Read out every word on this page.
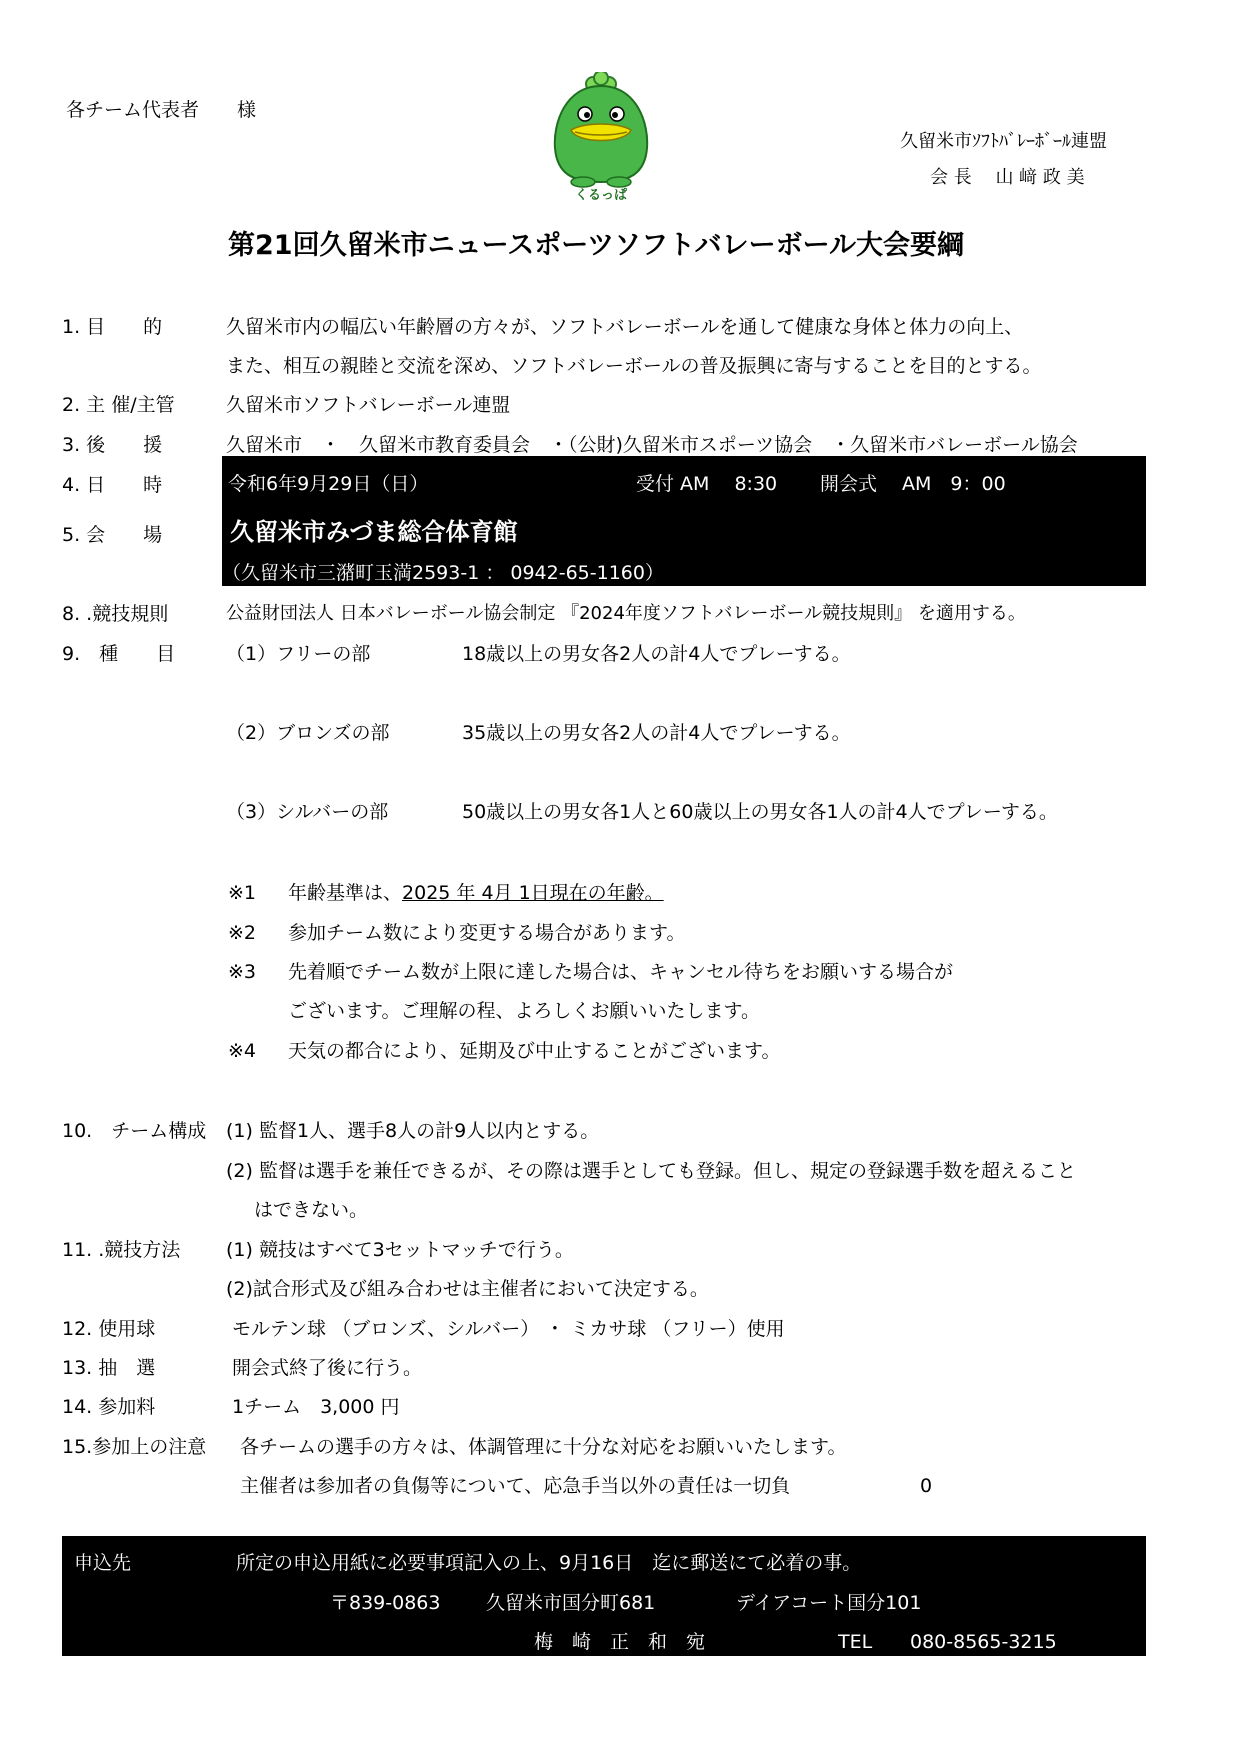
各チーム代表者　　様
くるっぱ
久留米市ｿﾌﾄﾊﾞﾚｰﾎﾞｰﾙ連盟
会 長　 山 﨑 政 美
第21回久留米市ニュースポーツソフトバレーボール大会要綱
1. 目　　的	久留米市内の幅広い年齢層の方々が、ソフトバレーボールを通して健康な身体と体力の向上、
また、相互の親睦と交流を深め、ソフトバレーボールの普及振興に寄与することを目的とする。
2. 主 催/主管	久留米市ソフトバレーボール連盟
3. 後　　援	久留米市　・　久留米市教育委員会　・（公財)久留米市スポーツ協会　・久留米市バレーボール協会
4. 日　　時	令和6年9月29日（日）	受付 AM　 8:30 開会式　 AM　9：00
5. 会　　場	久留米市みづま総合体育館
（久留米市三潴町玉満2593-1 ： 0942-65-1160）
8. .競技規則	公益財団法人 日本バレーボール協会制定 『2024年度ソフトバレーボール競技規則』 を適用する。
9.　種　　目	（1）フリーの部	18歳以上の男女各2人の計4人でプレーする。
（2）ブロンズの部	35歳以上の男女各2人の計4人でプレーする。
（3）シルバーの部	50歳以上の男女各1人と60歳以上の男女各1人の計4人でプレーする。
※1 年齢基準は、2025 年 4月 1日現在の年齢。
※2 参加チーム数により変更する場合があります。
※3 先着順でチーム数が上限に達した場合は、キャンセル待ちをお願いする場合が
ございます。ご理解の程、よろしくお願いいたします。
※4 天気の都合により、延期及び中止することがございます。
10.　チーム構成 (1) 監督1人、選手8人の計9人以内とする。
(2) 監督は選手を兼任できるが、その際は選手としても登録。但し、規定の登録選手数を超えること
はできない。
11. .競技方法 (1) 競技はすべて3セットマッチで行う。
(2)試合形式及び組み合わせは主催者において決定する。
12. 使用球	モルテン球 （ブロンズ、シルバー） ・ ミカサ球 （フリー）使用
13. 抽　選	開会式終了後に行う。
14. 参加料	1チーム　3,000 円
15.参加上の注意 各チームの選手の方々は、体調管理に十分な対応をお願いいたします。
主催者は参加者の負傷等について、応急手当以外の責任は一切負	0
申込先	所定の申込用紙に必要事項記入の上、9月16日　迄に郵送にて必着の事。
〒839-0863 久留米市国分町681	デイアコート国分101
梅　崎　正　和　宛	TEL 080-8565-3215
